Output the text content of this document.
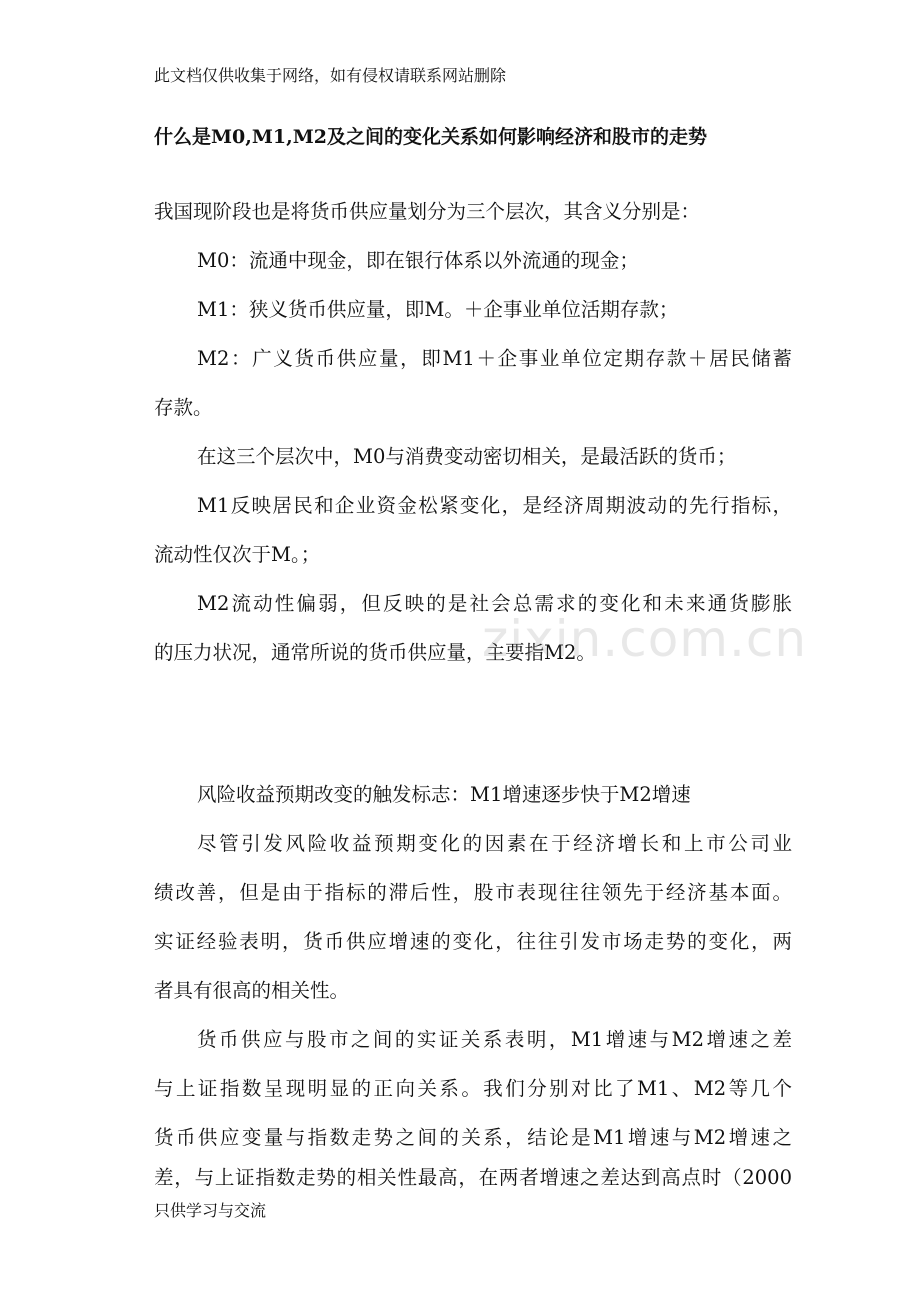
此文档仅供收集于网络，如有侵权请联系网站删除
什么是M0,M1,M2及之间的变化关系如何影响经济和股市的走势
我国现阶段也是将货币供应量划分为三个层次，其含义分别是：
M0：流通中现金，即在银行体系以外流通的现金；
M1：狭义货币供应量，即M。＋企事业单位活期存款；
M2：广义货币供应量，即M1＋企事业单位定期存款＋居民储蓄
存款。
在这三个层次中，M0与消费变动密切相关，是最活跃的货币；
M1反映居民和企业资金松紧变化，是经济周期波动的先行指标，
流动性仅次于M。；
M2流动性偏弱，但反映的是社会总需求的变化和未来通货膨胀
的压力状况，通常所说的货币供应量，主要指M2。
zixin.com.cn
风险收益预期改变的触发标志：M1增速逐步快于M2增速
尽管引发风险收益预期变化的因素在于经济增长和上市公司业
绩改善，但是由于指标的滞后性，股市表现往往领先于经济基本面。
实证经验表明，货币供应增速的变化，往往引发市场走势的变化，两
者具有很高的相关性。
货币供应与股市之间的实证关系表明，M1增速与M2增速之差
与上证指数呈现明显的正向关系。我们分别对比了M1、M2等几个
货币供应变量与指数走势之间的关系，结论是M1增速与M2增速之
差，与上证指数走势的相关性最高，在两者增速之差达到高点时（2000
只供学习与交流
